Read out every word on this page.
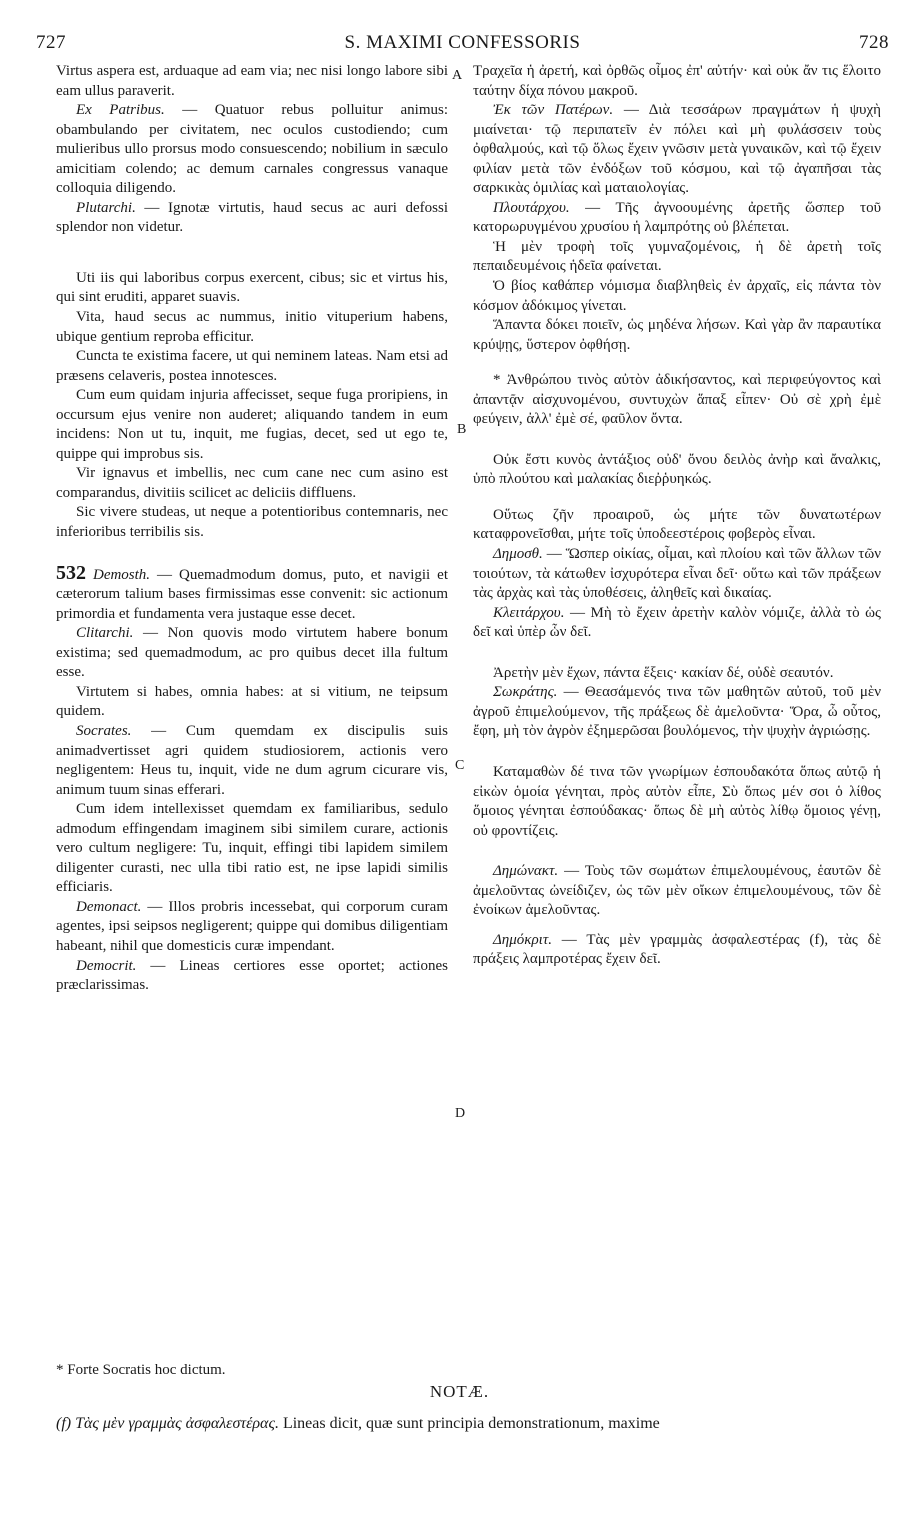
727	S. MAXIMI CONFESSORIS	728
A
B
C
D

Virtus aspera est, arduaque ad eam via; nec nisi longo labore sibi eam ullus paraverit.

Ex Patribus. — Quatuor rebus polluitur animus: obambulando per civitatem, nec oculos custodiendo; cum mulieribus ullo prorsus modo consuescendo; nobilium in sæculo amicitiam colendo; ac demum carnales congressus vanaque colloquia diligendo.

Plutarchi. — Ignotæ virtutis, haud secus ac auri defossi splendor non videtur.

Uti iis qui laboribus corpus exercent, cibus; sic et virtus his, qui sint eruditi, apparet suavis.

Vita, haud secus ac nummus, initio vituperium habens, ubique gentium reproba efficitur.

Cuncta te existima facere, ut qui neminem lateas. Nam etsi ad præsens celaveris, postea innotesces.

Cum eum quidam injuria affecisset, seque fuga proripiens, in occursum ejus venire non auderet; aliquando tandem in eum incidens: Non ut tu, inquit, me fugias, decet, sed ut ego te, quippe qui improbus sis.

Vir ignavus et imbellis, nec cum cane nec cum asino est comparandus, divitiis scilicet ac deliciis diffluens.

Sic vivere studeas, ut neque a potentioribus contemnaris, nec inferioribus terribilis sis.

532 Demosth. — Quemadmodum domus, puto, et navigii et cæterorum talium bases firmissimas esse convenit: sic actionum primordia et fundamenta vera justaque esse decet.

Clitarchi. — Non quovis modo virtutem habere bonum existima; sed quemadmodum, ac pro quibus decet illa fultum esse.

Virtutem si habes, omnia habes: at si vitium, ne teipsum quidem.

Socrates. — Cum quemdam ex discipulis suis animadvertisset agri quidem studiosiorem, actionis vero negligentem: Heus tu, inquit, vide ne dum agrum cicurare vis, animum tuum sinas efferari.

Cum idem intellexisset quemdam ex familiaribus, sedulo admodum effingendam imaginem sibi similem curare, actionis vero cultum negligere: Tu, inquit, effingi tibi lapidem similem diligenter curasti, nec ulla tibi ratio est, ne ipse lapidi similis efficiaris.

Demonact. — Illos probris incessebat, qui corporum curam agentes, ipsi seipsos negligerent; quippe qui domibus diligentiam habeant, nihil que domesticis curæ impendant.

Democrit. — Lineas certiores esse oportet; actiones præclarissimas.

* Forte Socratis hoc dictum.

Τραχεῖα ἡ ἀρετή, καὶ ὀρθῶς οἶμος ἐπ' αὐτήν· καὶ οὐκ ἄν τις ἕλοιτο ταύτην δίχα πόνου μακροῦ.

Ἐκ τῶν Πατέρων. — Διὰ τεσσάρων πραγμάτων ἡ ψυχὴ μιαίνεται· τῷ περιπατεῖν ἐν πόλει καὶ μὴ φυλάσσειν τοὺς ὀφθαλμούς, καὶ τῷ ὅλως ἔχειν γνῶσιν μετὰ γυναικῶν, καὶ τῷ ἔχειν φιλίαν μετὰ τῶν ἐνδόξων τοῦ κόσμου, καὶ τῷ ἀγαπῆσαι τὰς σαρκικὰς ὁμιλίας καὶ ματαιολογίας.

Πλουτάρχου. — Τῆς ἀγνοουμένης ἀρετῆς ὥσπερ τοῦ κατορωρυγμένου χρυσίου ἡ λαμπρότης οὐ βλέπεται.

Ἡ μὲν τροφὴ τοῖς γυμναζομένοις, ἡ δὲ ἀρετὴ τοῖς πεπαιδευμένοις ἡδεῖα φαίνεται.

Ὁ βίος καθάπερ νόμισμα διαβληθεὶς ἐν ἀρχαῖς, εἰς πάντα τὸν κόσμον ἀδόκιμος γίνεται.

Ἅπαντα δόκει ποιεῖν, ὡς μηδένα λήσων. Καὶ γὰρ ἂν παραυτίκα κρύψῃς, ὕστερον ὀφθήσῃ.

* Ἀνθρώπου τινὸς αὐτὸν ἀδικήσαντος, καὶ περιφεύγοντος καὶ ἀπαντᾷν αἰσχυνομένου, συντυχὼν ἅπαξ εἶπεν· Οὐ σὲ χρὴ ἐμὲ φεύγειν, ἀλλ' ἐμὲ σέ, φαῦλον ὄντα.

Οὐκ ἔστι κυνὸς ἀντάξιος οὐδ' ὄνου δειλὸς ἀνὴρ καὶ ἄναλκις, ὑπὸ πλούτου καὶ μαλακίας διεῤῥυηκώς.

Οὕτως ζῆν προαιροῦ, ὡς μήτε τῶν δυνατωτέρων καταφρονεῖσθαι, μήτε τοῖς ὑποδεεστέροις φοβερὸς εἶναι.

Δημοσθ. — Ὥσπερ οἰκίας, οἶμαι, καὶ πλοίου καὶ τῶν ἄλλων τῶν τοιούτων, τὰ κάτωθεν ἰσχυρότερα εἶναι δεῖ· οὕτω καὶ τῶν πράξεων τὰς ἀρχὰς καὶ τὰς ὑποθέσεις, ἀληθεῖς καὶ δικαίας.

Κλειτάρχου. — Μὴ τὸ ἔχειν ἀρετὴν καλὸν νόμιζε, ἀλλὰ τὸ ὡς δεῖ καὶ ὑπὲρ ὧν δεῖ.

Ἀρετὴν μὲν ἔχων, πάντα ἕξεις· κακίαν δέ, οὐδὲ σεαυτόν.

Σωκράτης. — Θεασάμενός τινα τῶν μαθητῶν αὐτοῦ, τοῦ μὲν ἀγροῦ ἐπιμελούμενον, τῆς πράξεως δὲ ἀμελοῦντα· Ὅρα, ὦ οὗτος, ἔφη, μὴ τὸν ἀγρὸν ἐξημερῶσαι βουλόμενος, τὴν ψυχὴν ἀγριώσῃς.

Καταμαθὼν δέ τινα τῶν γνωρίμων ἐσπουδακότα ὅπως αὐτῷ ἡ εἰκὼν ὁμοία γένηται, πρὸς αὐτὸν εἶπε, Σὺ ὅπως μέν σοι ὁ λίθος ὅμοιος γένηται ἐσπούδακας· ὅπως δὲ μὴ αὐτὸς λίθῳ ὅμοιος γένῃ, οὐ φροντίζεις.

Δημώνακτ. — Τοὺς τῶν σωμάτων ἐπιμελουμένους, ἑαυτῶν δὲ ἀμελοῦντας ὠνείδιζεν, ὡς τῶν μὲν οἴκων ἐπιμελουμένους, τῶν δὲ ἐνοίκων ἀμελοῦντας.

Δημόκριτ. — Τὰς μὲν γραμμὰς ἀσφαλεστέρας (f), τὰς δὲ πράξεις λαμπροτέρας ἔχειν δεῖ.

NOTÆ.
(f) Τὰς μὲν γραμμὰς ἀσφαλεστέρας. Lineas dicit, quæ sunt principia demonstrationum, maxime
